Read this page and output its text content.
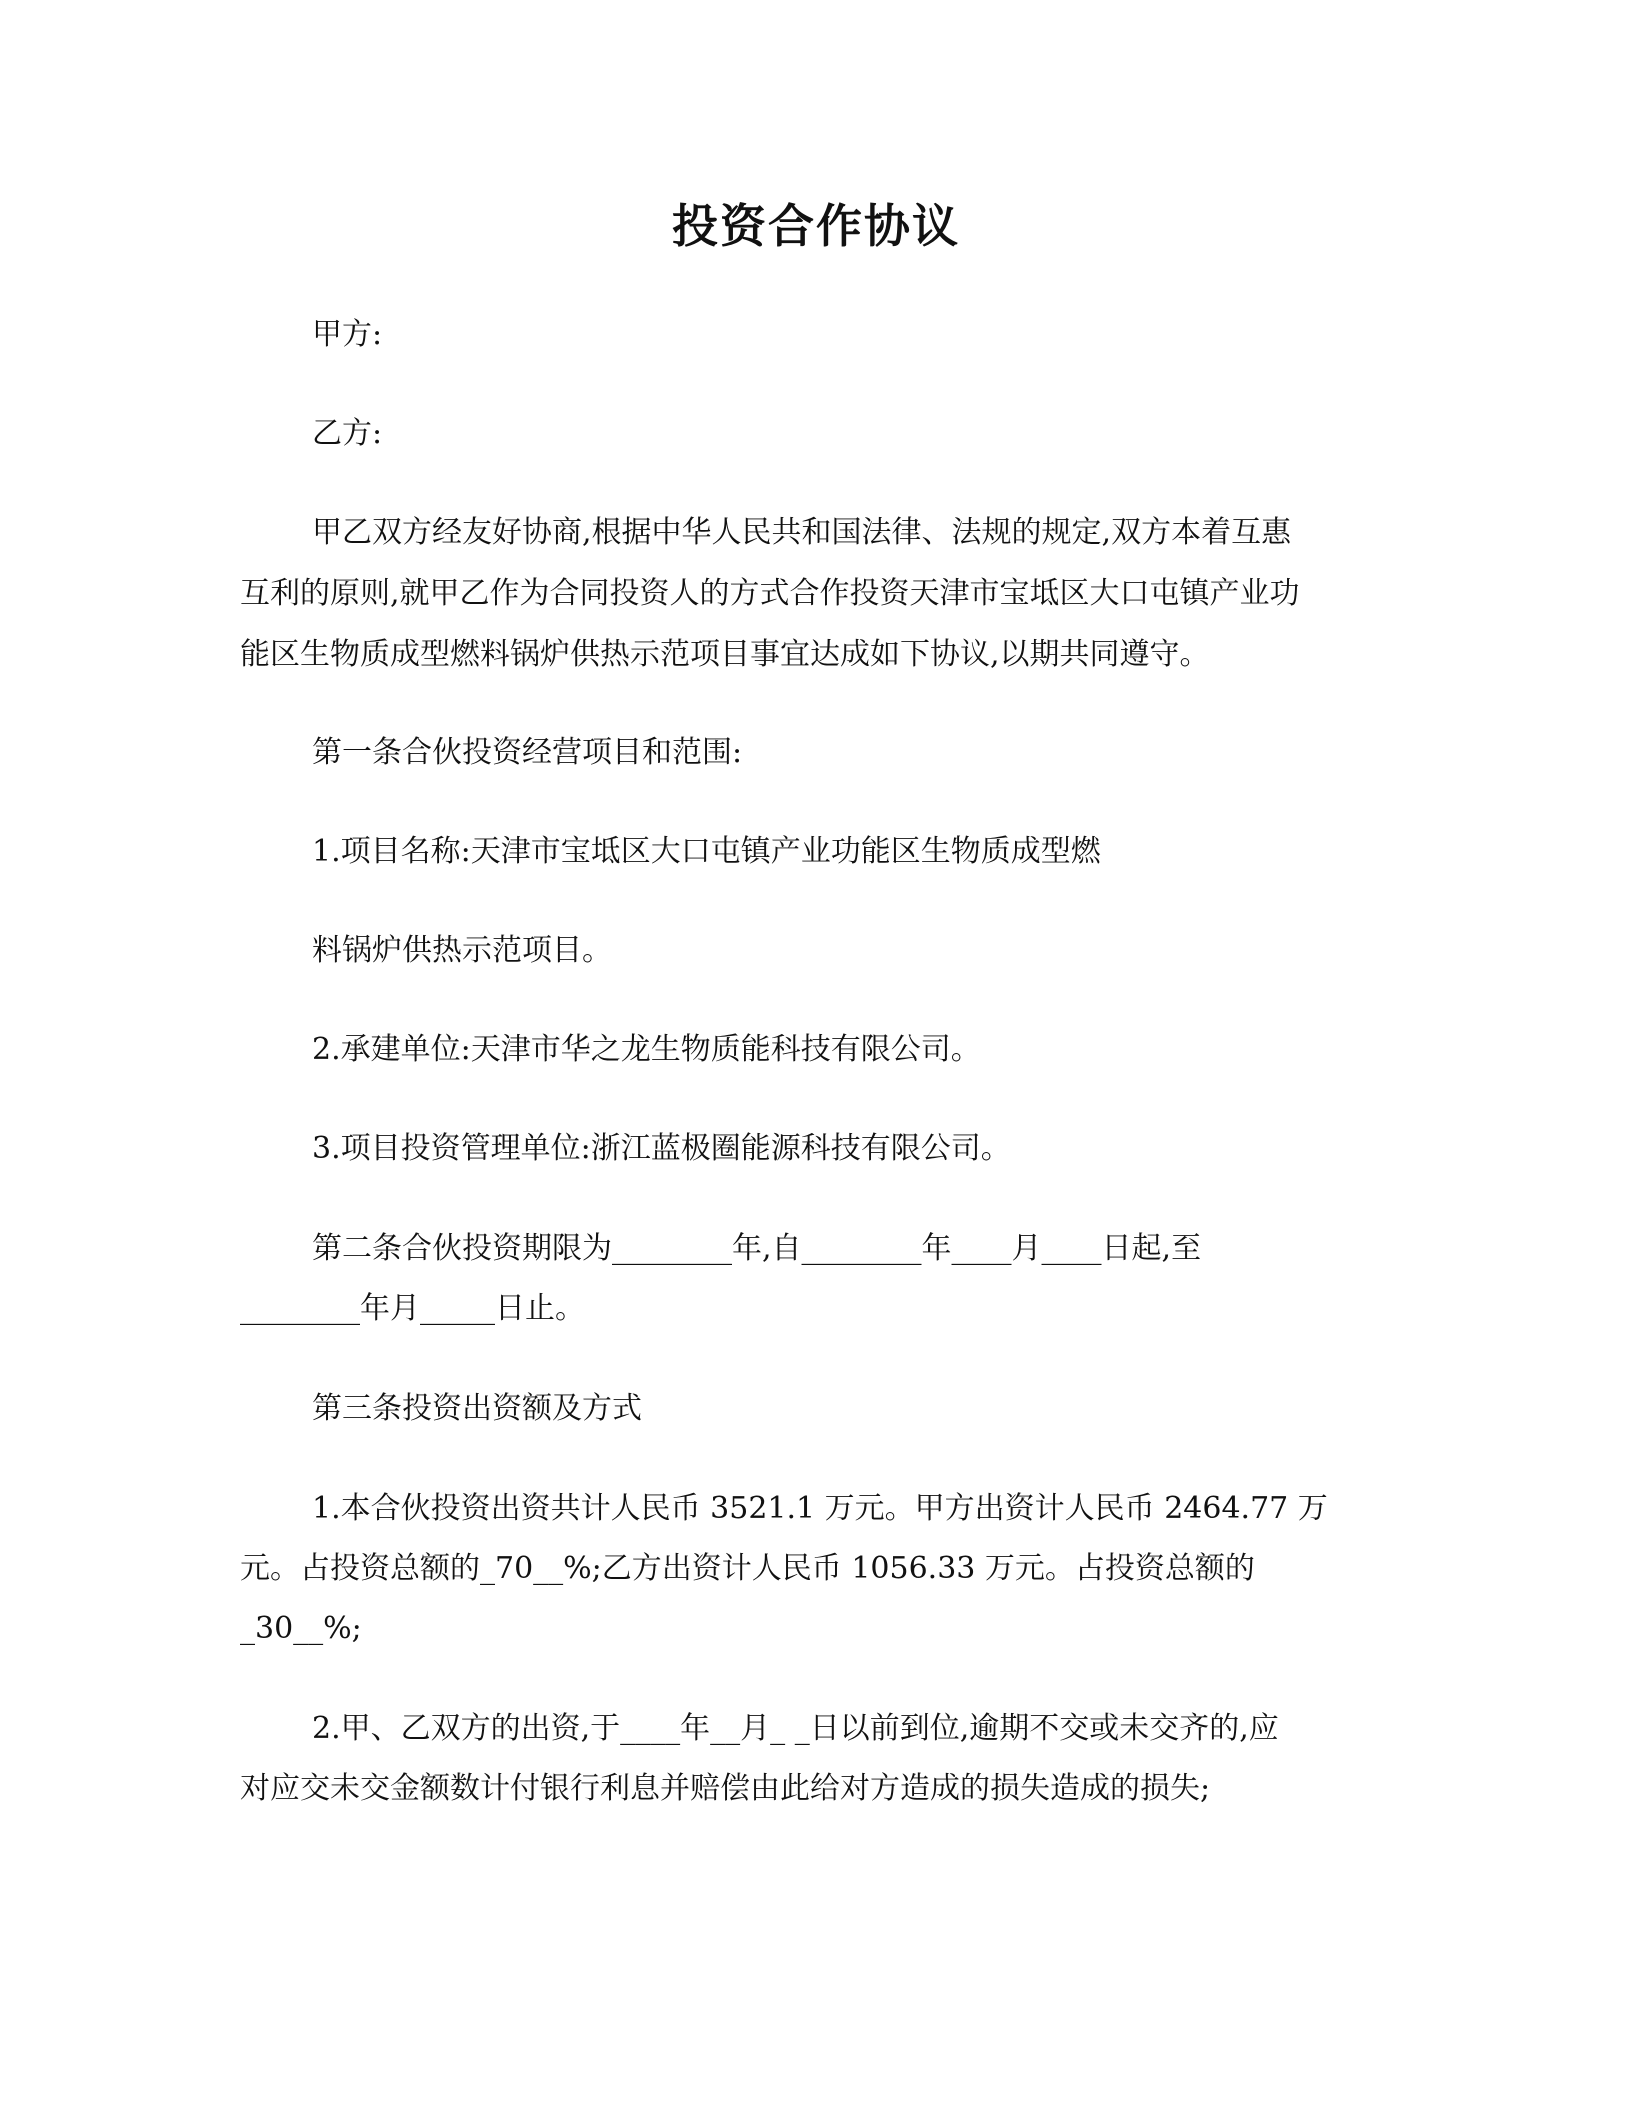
投资合作协议
甲方:
乙方:
甲乙双方经友好协商,根据中华人民共和国法律、法规的规定,双方本着互惠
互利的原则,就甲乙作为合同投资人的方式合作投资天津市宝坻区大口屯镇产业功
能区生物质成型燃料锅炉供热示范项目事宜达成如下协议,以期共同遵守。
第一条合伙投资经营项目和范围:
1.项目名称:天津市宝坻区大口屯镇产业功能区生物质成型燃
料锅炉供热示范项目。
2.承建单位:天津市华之龙生物质能科技有限公司。
3.项目投资管理单位:浙江蓝极圈能源科技有限公司。
第二条合伙投资期限为________年,自________年____月____日起,至
________年月_____日止。
第三条投资出资额及方式
1.本合伙投资出资共计人民币 3521.1 万元。甲方出资计人民币 2464.77 万
元。占投资总额的_70__%;乙方出资计人民币 1056.33 万元。占投资总额的
_30__%;
2.甲、乙双方的出资,于____年__月_ _日以前到位,逾期不交或未交齐的,应
对应交未交金额数计付银行利息并赔偿由此给对方造成的损失造成的损失;
